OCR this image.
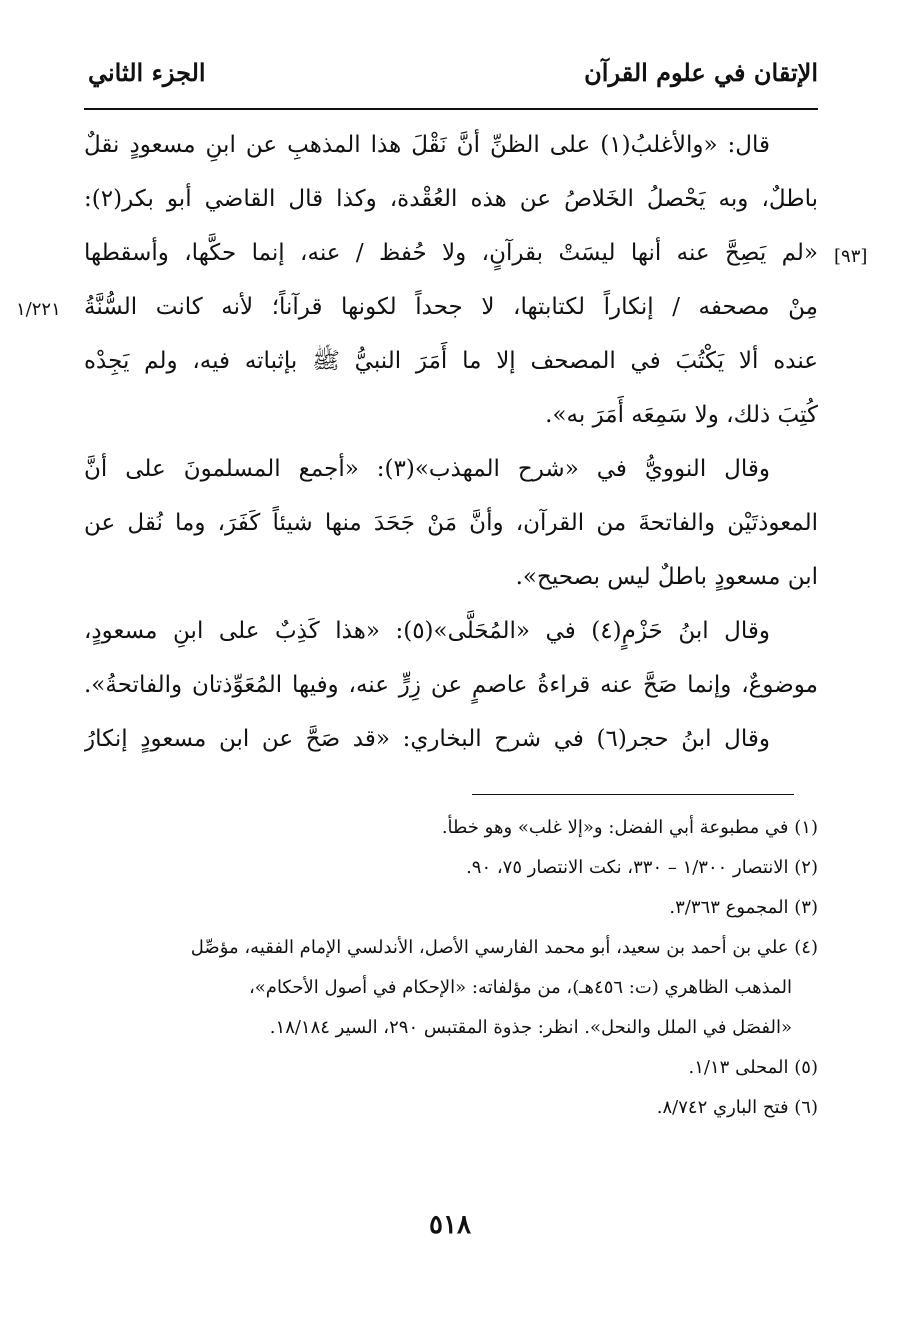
الإتقان في علوم القرآن
الجزء الثاني
[٩٣]
١/٢٢١
قال: «والأغلبُ(١) على الظنِّ أنَّ نَقْلَ هذا المذهبِ عن ابنِ مسعودٍ نقلٌ
باطلٌ، وبه يَحْصلُ الخَلاصُ عن هذه العُقْدة، وكذا قال القاضي أبو بكر(٢):
«لم يَصِحَّ عنه أنها ليسَتْ بقرآنٍ، ولا حُفظ / عنه، إنما حكَّها، وأسقطها
مِنْ مصحفه / إنكاراً لكتابتها، لا جحداً لكونها قرآناً؛ لأنه كانت السُّنَّةُ
عنده ألا يَكْتُبَ في المصحف إلا ما أَمَرَ النبيُّ ﷺ بإثباته فيه، ولم يَجِدْه
كُتِبَ ذلك، ولا سَمِعَه أَمَرَ به».
وقال النوويُّ في «شرح المهذب»(٣): «أجمع المسلمونَ على أنَّ
المعوذتَيْن والفاتحةَ من القرآن، وأنَّ مَنْ جَحَدَ منها شيئاً كَفَرَ، وما نُقل عن
ابن مسعودٍ باطلٌ ليس بصحيح».
وقال ابنُ حَزْمٍ(٤) في «المُحَلَّى»(٥): «هذا كَذِبٌ على ابنِ مسعودٍ،
موضوعٌ، وإنما صَحَّ عنه قراءةُ عاصمٍ عن زِرٍّ عنه، وفيها المُعَوِّذتان والفاتحةُ».
وقال ابنُ حجر(٦) في شرح البخاري: «قد صَحَّ عن ابن مسعودٍ إنكارُ
(١) في مطبوعة أبي الفضل: و«إلا غلب» وهو خطأ.
(٢) الانتصار ١/٣٠٠ – ٣٣٠، نكت الانتصار ٧٥، ٩٠.
(٣) المجموع ٣/٣٦٣.
(٤) علي بن أحمد بن سعيد، أبو محمد الفارسي الأصل، الأندلسي الإمام الفقيه، مؤصِّل
المذهب الظاهري (ت: ٤٥٦هـ)، من مؤلفاته: «الإحكام في أصول الأحكام»،
«الفصَل في الملل والنحل». انظر: جذوة المقتبس ٢٩٠، السير ١٨/١٨٤.
(٥) المحلى ١/١٣.
(٦) فتح الباري ٨/٧٤٢.
٥١٨
